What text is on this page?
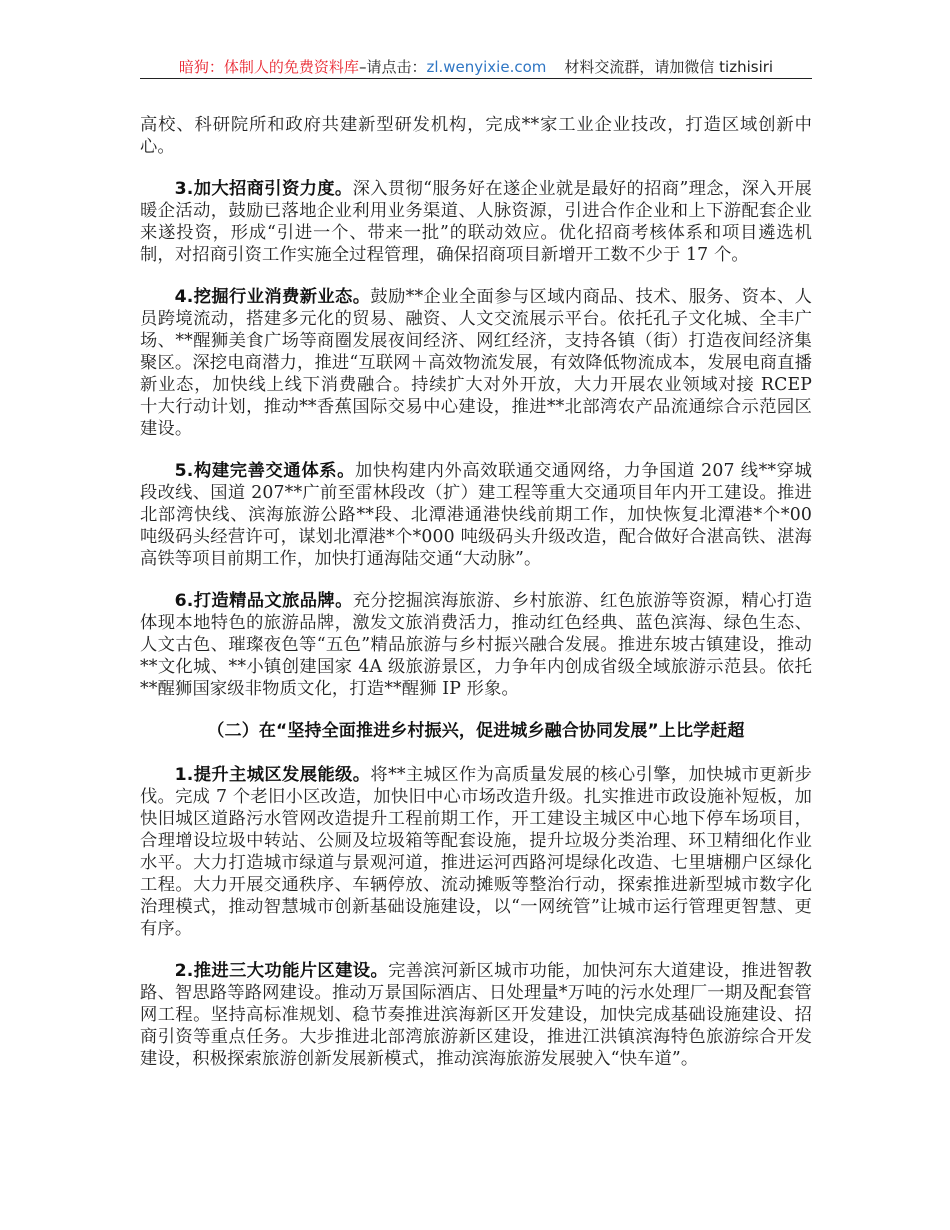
暗狗：体制人的免费资料库–请点击：zl.wenyixie.com 材料交流群，请加微信 tizhisiri

高校、科研院所和政府共建新型研发机构，完成**家工业企业技改，打造区域创新中心。

3.加大招商引资力度。深入贯彻“服务好在遂企业就是最好的招商”理念，深入开展暖企活动，鼓励已落地企业利用业务渠道、人脉资源，引进合作企业和上下游配套企业来遂投资，形成“引进一个、带来一批”的联动效应。优化招商考核体系和项目遴选机制，对招商引资工作实施全过程管理，确保招商项目新增开工数不少于 17 个。

4.挖掘行业消费新业态。鼓励**企业全面参与区域内商品、技术、服务、资本、人员跨境流动，搭建多元化的贸易、融资、人文交流展示平台。依托孔子文化城、全丰广场、**醒狮美食广场等商圈发展夜间经济、网红经济，支持各镇（街）打造夜间经济集聚区。深挖电商潜力，推进“互联网＋高效物流发展，有效降低物流成本，发展电商直播新业态，加快线上线下消费融合。持续扩大对外开放，大力开展农业领域对接 RCEP 十大行动计划，推动**香蕉国际交易中心建设，推进**北部湾农产品流通综合示范园区建设。

5.构建完善交通体系。加快构建内外高效联通交通网络，力争国道 207 线**穿城段改线、国道 207**广前至雷林段改（扩）建工程等重大交通项目年内开工建设。推进北部湾快线、滨海旅游公路**段、北潭港通港快线前期工作，加快恢复北潭港*个*00 吨级码头经营许可，谋划北潭港*个*000 吨级码头升级改造，配合做好合湛高铁、湛海高铁等项目前期工作，加快打通海陆交通“大动脉”。

6.打造精品文旅品牌。充分挖掘滨海旅游、乡村旅游、红色旅游等资源，精心打造体现本地特色的旅游品牌，激发文旅消费活力，推动红色经典、蓝色滨海、绿色生态、人文古色、璀璨夜色等“五色”精品旅游与乡村振兴融合发展。推进东坡古镇建设，推动**文化城、**小镇创建国家 4A 级旅游景区，力争年内创成省级全域旅游示范县。依托**醒狮国家级非物质文化，打造**醒狮 IP 形象。

（二）在“坚持全面推进乡村振兴，促进城乡融合协同发展”上比学赶超

1.提升主城区发展能级。将**主城区作为高质量发展的核心引擎，加快城市更新步伐。完成 7 个老旧小区改造，加快旧中心市场改造升级。扎实推进市政设施补短板，加快旧城区道路污水管网改造提升工程前期工作，开工建设主城区中心地下停车场项目，合理增设垃圾中转站、公厕及垃圾箱等配套设施，提升垃圾分类治理、环卫精细化作业水平。大力打造城市绿道与景观河道，推进运河西路河堤绿化改造、七里塘棚户区绿化工程。大力开展交通秩序、车辆停放、流动摊贩等整治行动，探索推进新型城市数字化治理模式，推动智慧城市创新基础设施建设，以“一网统管”让城市运行管理更智慧、更有序。

2.推进三大功能片区建设。完善滨河新区城市功能，加快河东大道建设，推进智教路、智思路等路网建设。推动万景国际酒店、日处理量*万吨的污水处理厂一期及配套管网工程。坚持高标准规划、稳节奏推进滨海新区开发建设，加快完成基础设施建设、招商引资等重点任务。大步推进北部湾旅游新区建设，推进江洪镇滨海特色旅游综合开发建设，积极探索旅游创新发展新模式，推动滨海旅游发展驶入“快车道”。
